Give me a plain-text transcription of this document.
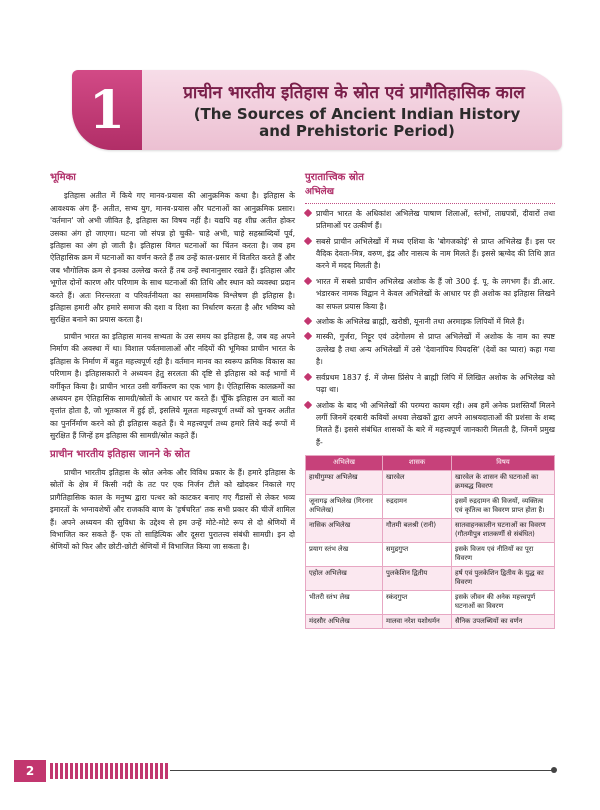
1	प्राचीन भारतीय इतिहास के स्रोत एवं प्रागैतिहासिक काल
(The Sources of Ancient Indian History
and Prehistoric Period)
भूमिका

इतिहास अतीत में किये गए मानव-प्रयास की आनुक्रमिक कथा है। इतिहास के आवश्यक अंग हैं- अतीत, सभ्य युग, मानव-प्रयास और घटनाओं का आनुक्रमिक प्रसार। 'वर्तमान' जो अभी जीवित है, इतिहास का विषय नहीं है। यद्यपि वह शीघ्र अतीत होकर उसका अंग हो जाएगा। घटना जो संपन्न हो चुकी- चाहे अभी, चाहे सहस्राब्दियों पूर्व, इतिहास का अंग हो जाती है। इतिहास विगत घटनाओं का चिंतन करता है। जब हम ऐतिहासिक क्रम में घटनाओं का वर्णन करते हैं तब उन्हें काल-प्रसार में वितरित करते हैं और जब भौगोलिक क्रम से इनका उल्लेख करते हैं तब उन्हें स्थानानुसार रखते हैं। इतिहास और भूगोल दोनों कारण और परिणाम के साथ घटनाओं की तिथि और स्थान को व्यवस्था प्रदान करते हैं। अतः निरन्तरता व परिवर्तनीयता का समसामयिक विश्लेषण ही इतिहास है। इतिहास हमारी और हमारे समाज की दशा व दिशा का निर्धारण करता है और भविष्य को सुरक्षित बनाने का प्रयास करता है।

प्राचीन भारत का इतिहास मानव सभ्यता के उस समय का इतिहास है, जब वह अपने निर्माण की अवस्था में था। विशाल पर्वतमालाओं और नदियों की भूमिका प्राचीन भारत के इतिहास के निर्माण में बहुत महत्त्वपूर्ण रही है। वर्तमान मानव का स्वरूप क्रमिक विकास का परिणाम है। इतिहासकारों ने अध्ययन हेतु सरलता की दृष्टि से इतिहास को कई भागों में वर्गीकृत किया है। प्राचीन भारत उसी वर्गीकरण का एक भाग है। ऐतिहासिक कालक्रमों का अध्ययन हम ऐतिहासिक सामग्री/स्रोतों के आधार पर करते हैं। चूँकि इतिहास उन बातों का वृत्तांत होता है, जो भूतकाल में हुई हों, इसलिये मूलतः महत्त्वपूर्ण तथ्यों को चुनकर अतीत का पुनर्निर्माण करने को ही इतिहास कहते हैं। ये महत्त्वपूर्ण तथ्य हमारे लिये कई रूपों में सुरक्षित हैं जिन्हें हम इतिहास की सामग्री/स्रोत कहते हैं।

प्राचीन भारतीय इतिहास जानने के स्रोत

प्राचीन भारतीय इतिहास के स्रोत अनेक और विविध प्रकार के हैं। हमारे इतिहास के स्रोतों के क्षेत्र में किसी नदी के तट पर एक निर्जन टीले को खोदकर निकाले गए प्रागैतिहासिक काल के मनुष्य द्वारा पत्थर को काटकर बनाए गए गैंडासों से लेकर भव्य इमारतों के भग्नावशेषों और राजकवि बाण के 'हर्षचरित' तक सभी प्रकार की चीजें शामिल हैं। अपने अध्ययन की सुविधा के उद्देश्य से हम उन्हें मोटे-मोटे रूप से दो श्रेणियों में विभाजित कर सकते हैं- एक तो साहित्यिक और दूसरा पुरातत्त्व संबंधी सामग्री। इन दो श्रेणियों को फिर और छोटी-छोटी श्रेणियों में विभाजित किया जा सकता है।

पुरातात्त्विक स्रोत
अभिलेख
प्राचीन भारत के अधिकांश अभिलेख पाषाण शिलाओं, स्तंभों, ताम्रपत्रों, दीवारों तथा प्रतिमाओं पर उत्कीर्ण हैं।
सबसे प्राचीन अभिलेखों में मध्य एशिया के 'बोगजकोई' से प्राप्त अभिलेख हैं। इस पर वैदिक देवता-मित्र, वरुण, इंद्र और नासत्य के नाम मिलते हैं। इससे ऋग्वेद की तिथि ज्ञात करने में मदद मिलती है।
भारत में सबसे प्राचीन अभिलेख अशोक के हैं जो 300 ई. पू. के लगभग हैं। डी.आर. भंडारकर नामक विद्वान ने केवल अभिलेखों के आधार पर ही अशोक का इतिहास लिखने का सफल प्रयास किया है।
अशोक के अभिलेख ब्राह्मी, खरोष्ठी, यूनानी तथा अरमाइक लिपियों में मिले हैं।
मास्की, गुर्जरा, निट्टूर एवं उदेगोलम से प्राप्त अभिलेखों में अशोक के नाम का स्पष्ट उल्लेख है तथा अन्य अभिलेखों में उसे 'देवानांपिय पियदसि' (देवों का प्यारा) कहा गया है।
सर्वप्रथम 1837 ई. में जेम्स प्रिंसेप ने ब्राह्मी लिपि में लिखित अशोक के अभिलेख को पढ़ा था।
अशोक के बाद भी अभिलेखों की परम्परा कायम रही। अब हमें अनेक प्रशस्तियाँ मिलने लगीं जिनमें दरबारी कवियों अथवा लेखकों द्वारा अपने आश्रयदाताओं की प्रशंसा के शब्द मिलते हैं। इससे संबंधित शासकों के बारे में महत्त्वपूर्ण जानकारी मिलती है, जिनमें प्रमुख हैं-
अभिलेख	शासक	विषय
हाथीगुम्फा अभिलेख	खारवेल	खारवेल के शासन की घटनाओं का क्रमबद्ध विवरण
जूनागढ़ अभिलेख (गिरनार अभिलेख)	रुद्रदामन	इसमें रुद्रदामन की विजयों, व्यक्तित्व एवं कृतित्व का विवरण प्राप्त होता है।
नासिक अभिलेख	गौतमी बलश्री (रानी)	सातवाहनकालीन घटनाओं का विवरण (गौतमीपुत्र शातकर्णी से संबंधित)
प्रयाग स्तंभ लेख	समुद्रगुप्त	इसके विजय एवं नीतियों का पूरा विवरण
एहोल अभिलेख	पुलकेशिन द्वितीय	हर्ष एवं पुलकेशिन द्वितीय के युद्ध का विवरण
भीतरी स्तंभ लेख	स्कंदगुप्त	इसके जीवन की अनेक महत्त्वपूर्ण घटनाओं का विवरण
मंदसौर अभिलेख	मालवा नरेश यशोधर्मन	सैनिक उपलब्धियों का वर्णन
2
